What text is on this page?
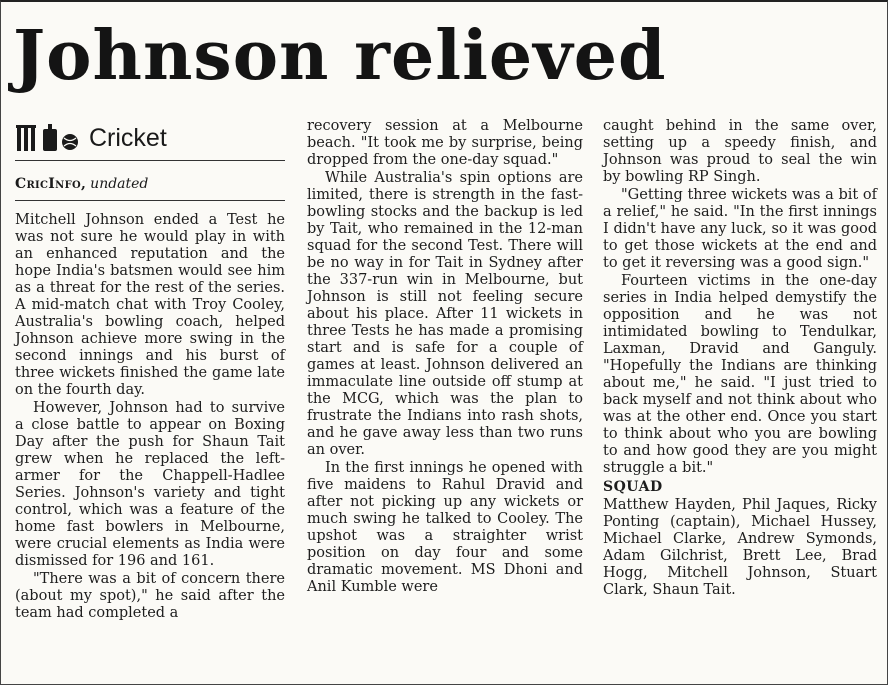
Johnson relieved
Cricket
CricInfo, undated

Mitchell Johnson ended a Test he was not sure he would play in with an enhanced reputation and the hope India's batsmen would see him as a threat for the rest of the series. A mid-match chat with Troy Cooley, Australia's bowling coach, helped Johnson achieve more swing in the second innings and his burst of three wickets finished the game late on the fourth day.

However, Johnson had to survive a close battle to appear on Boxing Day after the push for Shaun Tait grew when he replaced the left-armer for the Chappell-Hadlee Series. Johnson's variety and tight control, which was a feature of the home fast bowlers in Melbourne, were crucial elements as India were dismissed for 196 and 161.

"There was a bit of concern there (about my spot)," he said after the team had completed a

recovery session at a Melbourne beach. "It took me by surprise, being dropped from the one-day squad."

While Australia's spin options are limited, there is strength in the fast-bowling stocks and the backup is led by Tait, who remained in the 12-man squad for the second Test. There will be no way in for Tait in Sydney after the 337-run win in Melbourne, but Johnson is still not feeling secure about his place. After 11 wickets in three Tests he has made a promising start and is safe for a couple of games at least. Johnson delivered an immaculate line outside off stump at the MCG, which was the plan to frustrate the Indians into rash shots, and he gave away less than two runs an over.

In the first innings he opened with five maidens to Rahul Dravid and after not picking up any wickets or much swing he talked to Cooley. The upshot was a straighter wrist position on day four and some dramatic movement. MS Dhoni and Anil Kumble were

caught behind in the same over, setting up a speedy finish, and Johnson was proud to seal the win by bowling RP Singh.

"Getting three wickets was a bit of a relief," he said. "In the first innings I didn't have any luck, so it was good to get those wickets at the end and to get it reversing was a good sign."

Fourteen victims in the one-day series in India helped demystify the opposition and he was not intimidated bowling to Tendulkar, Laxman, Dravid and Ganguly. "Hopefully the Indians are thinking about me," he said. "I just tried to back myself and not think about who was at the other end. Once you start to think about who you are bowling to and how good they are you might struggle a bit."

SQUAD

Matthew Hayden, Phil Jaques, Ricky Ponting (captain), Michael Hussey, Michael Clarke, Andrew Symonds, Adam Gilchrist, Brett Lee, Brad Hogg, Mitchell Johnson, Stuart Clark, Shaun Tait.
